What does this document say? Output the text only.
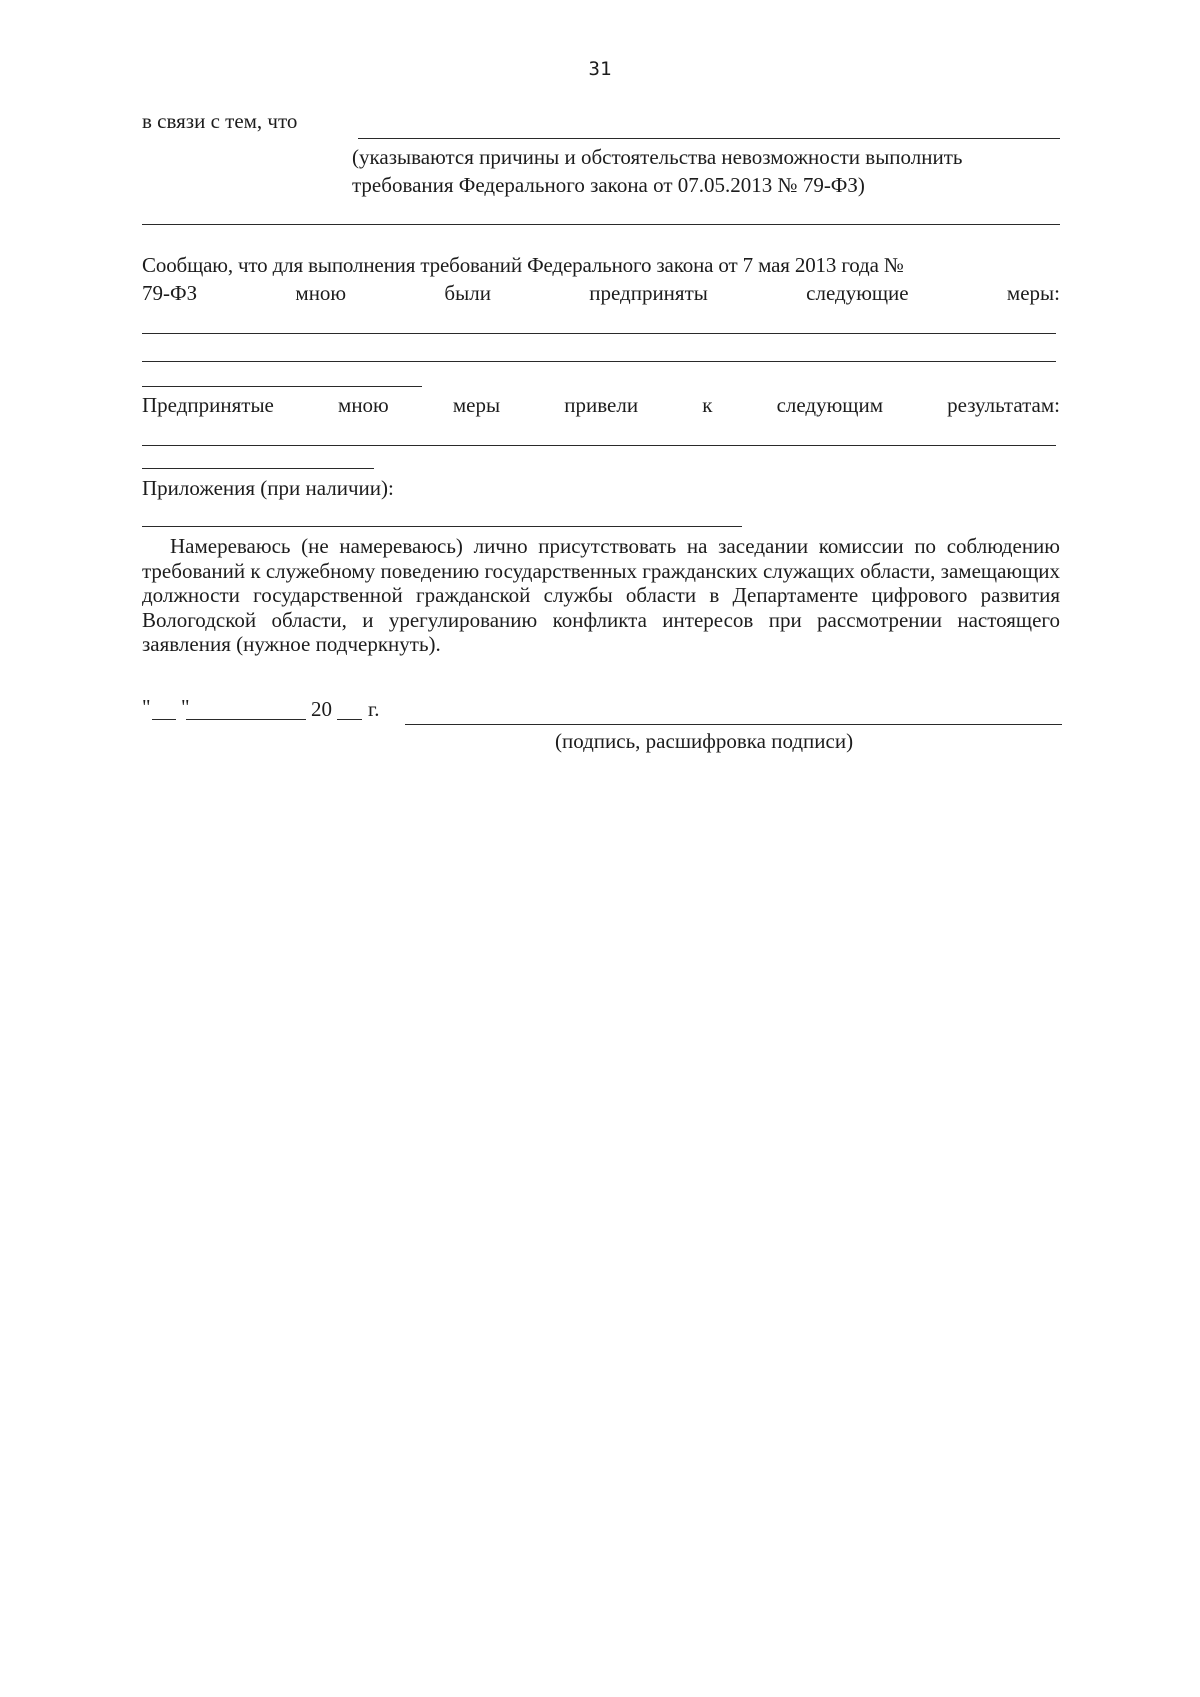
31
в связи с тем, что
(указываются причины и обстоятельства невозможности выполнить
требования Федерального закона от 07.05.2013 № 79-ФЗ)
Сообщаю, что для выполнения требований Федерального закона от 7 мая 2013 года №
79-ФЗ	мною	были	предприняты	следующие	меры:
Предпринятые	мною	меры	привели	к	следующим	результатам:
Приложения (при наличии):
Намереваюсь (не намереваюсь) лично присутствовать на заседании комиссии по соблюдению требований к служебному поведению государственных гражданских служащих области, замещающих должности государственной гражданской службы области в Департаменте цифрового развития Вологодской области, и урегулированию конфликта интересов при рассмотрении настоящего заявления (нужное подчеркнуть).
" "	20 г.
(подпись, расшифровка подписи)
